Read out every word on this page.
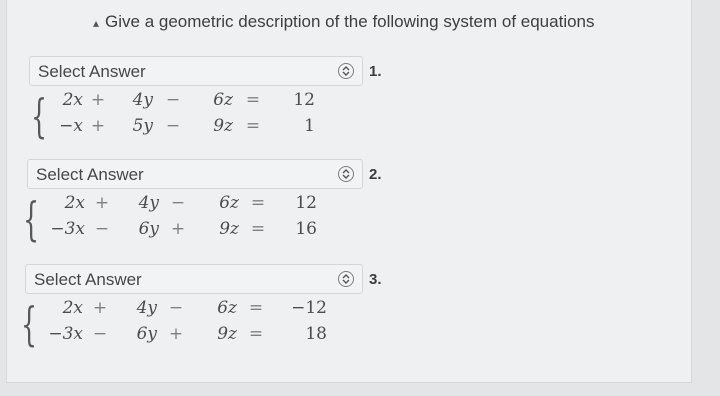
▴ Give a geometric description of the following system of equations
Select Answer	1.
{ 2x +	4y −	6z =	12
−x +	5y −	9z =	1
Select Answer	2.
{	2x +	4y −	6z =	12
−3x −	6y +	9z =	16
Select Answer	3.
{	2x +	4y −	6z =	−12
−3x −	6y +	9z =	18
